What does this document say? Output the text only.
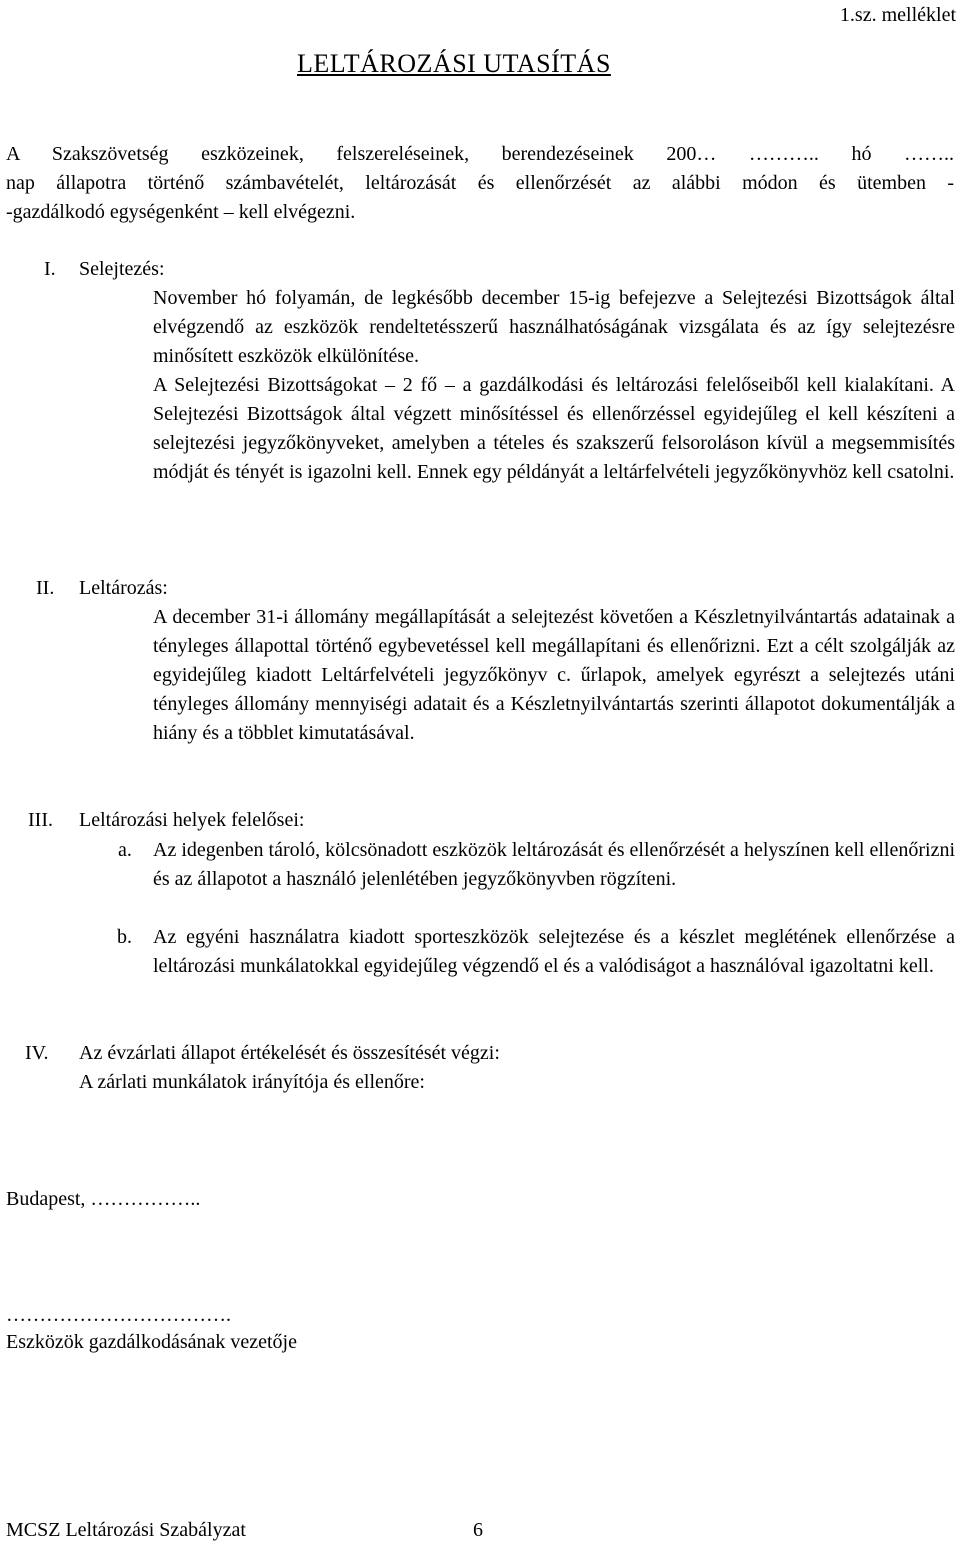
1.sz. melléklet
LELTÁROZÁSI UTASÍTÁS
A Szakszövetség eszközeinek, felszereléseinek, berendezéseinek 200… ……….. hó ……..
nap állapotra történő számbavételét, leltározását és ellenőrzését az alábbi módon és ütemben -
-gazdálkodó egységenként – kell elvégezni.
I. Selejtezés:
November hó folyamán, de legkésőbb december 15-ig befejezve a Selejtezési Bizottságok által elvégzendő az eszközök rendeltetésszerű használhatóságának vizsgálata és az így selejtezésre minősített eszközök elkülönítése.
A Selejtezési Bizottságokat – 2 fő – a gazdálkodási és leltározási felelőseiből kell kialakítani. A Selejtezési Bizottságok által végzett minősítéssel és ellenőrzéssel egyidejűleg el kell készíteni a selejtezési jegyzőkönyveket, amelyben a tételes és szakszerű felsoroláson kívül a megsemmisítés módját és tényét is igazolni kell. Ennek egy példányát a leltárfelvételi jegyzőkönyvhöz kell csatolni.
II. Leltározás:
A december 31-i állomány megállapítását a selejtezést követően a Készletnyilvántartás adatainak a tényleges állapottal történő egybevetéssel kell megállapítani és ellenőrizni. Ezt a célt szolgálják az egyidejűleg kiadott Leltárfelvételi jegyzőkönyv c. űrlapok, amelyek egyrészt a selejtezés utáni tényleges állomány mennyiségi adatait és a Készletnyilvántartás szerinti állapotot dokumentálják a hiány és a többlet kimutatásával.
III. Leltározási helyek felelősei:
a. Az idegenben tároló, kölcsönadott eszközök leltározását és ellenőrzését a helyszínen kell ellenőrizni és az állapotot a használó jelenlétében jegyzőkönyvben rögzíteni.
b. Az egyéni használatra kiadott sporteszközök selejtezése és a készlet meglétének ellenőrzése a leltározási munkálatokkal egyidejűleg végzendő el és a valódiságot a használóval igazoltatni kell.
IV. Az évzárlati állapot értékelését és összesítését végzi:
A zárlati munkálatok irányítója és ellenőre:
Budapest, ……………..
…………………………….
Eszközök gazdálkodásának vezetője
MCSZ Leltározási Szabályzat	6
